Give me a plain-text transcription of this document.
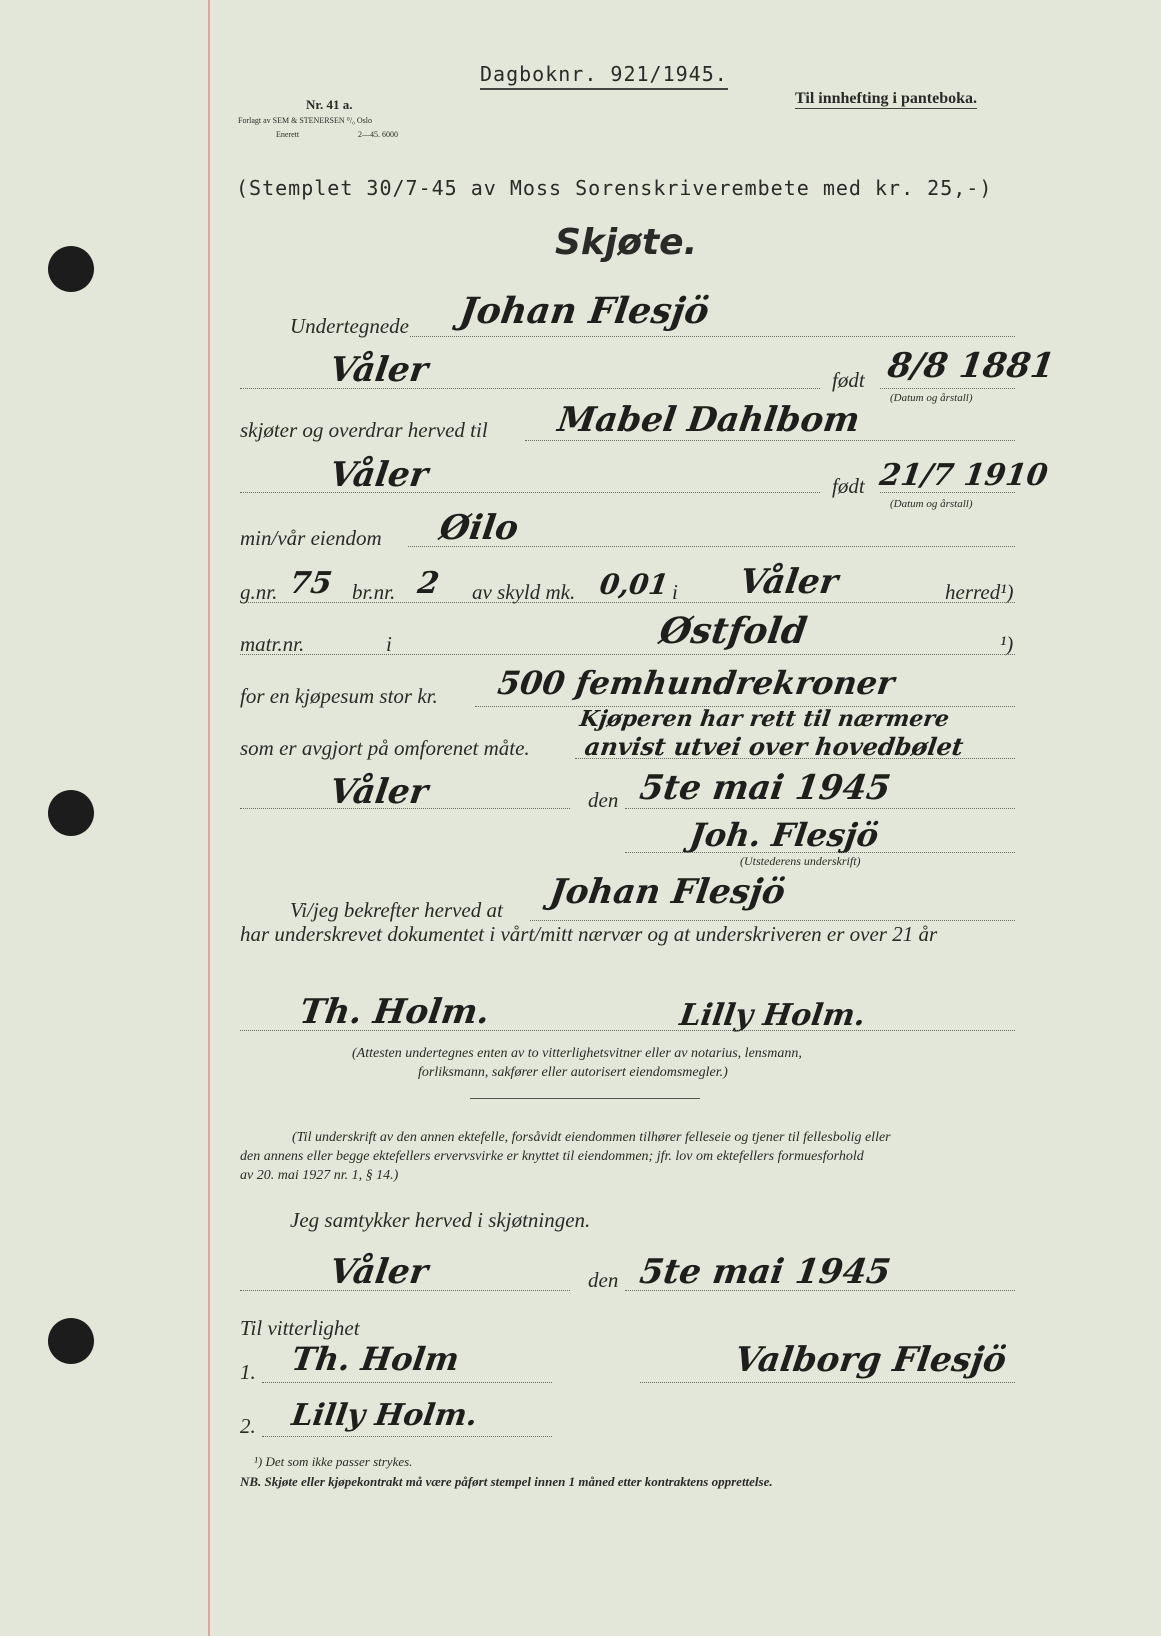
Dagboknr. 921/1945.
Til innhefting i panteboka.
Nr. 41 a.
Forlagt av SEM & STENERSEN ⁰/₀ Oslo
Enerett	2—45. 6000
(Stemplet 30/7-45 av Moss Sorenskriverembete med kr. 25,-)
Skjøte.
Undertegnede Johan Flesjö
Våler	født 8/8 1881
(Datum og årstall)
skjøter og overdrar herved til Mabel Dahlbom
Våler	født 21/7 1910
(Datum og årstall)
min/vår eiendom Øilo
g.nr. 75 br.nr. 2 av skyld mk. 0,01 i Våler	herred¹)
matr.nr.	i	Østfold	¹)
for en kjøpesum stor kr. 500 femhundrekroner
som er avgjort på omforenet måte.
Kjøperen har rett til nærmere
anvist utvei over hovedbølet
Våler	den 5te mai 1945
Joh. Flesjö
(Utstederens underskrift)
Vi/jeg bekrefter herved at Johan Flesjö
har underskrevet dokumentet i vårt/mitt nærvær og at underskriveren er over 21 år
Th. Holm.	Lilly Holm.
(Attesten undertegnes enten av to vitterlighetsvitner eller av notarius, lensmann,
forliksmann, sakfører eller autorisert eiendomsmegler.)
(Til underskrift av den annen ektefelle, forsåvidt eiendommen tilhører felleseie og tjener til fellesbolig eller
den annens eller begge ektefellers ervervsvirke er knyttet til eiendommen; jfr. lov om ektefellers formuesforhold
av 20. mai 1927 nr. 1, § 14.)
Jeg samtykker herved i skjøtningen.
Våler	den 5te mai 1945
Til vitterlighet
1. Th. Holm	Valborg Flesjö
2. Lilly Holm.
¹) Det som ikke passer strykes.
NB. Skjøte eller kjøpekontrakt må være påført stempel innen 1 måned etter kontraktens opprettelse.
